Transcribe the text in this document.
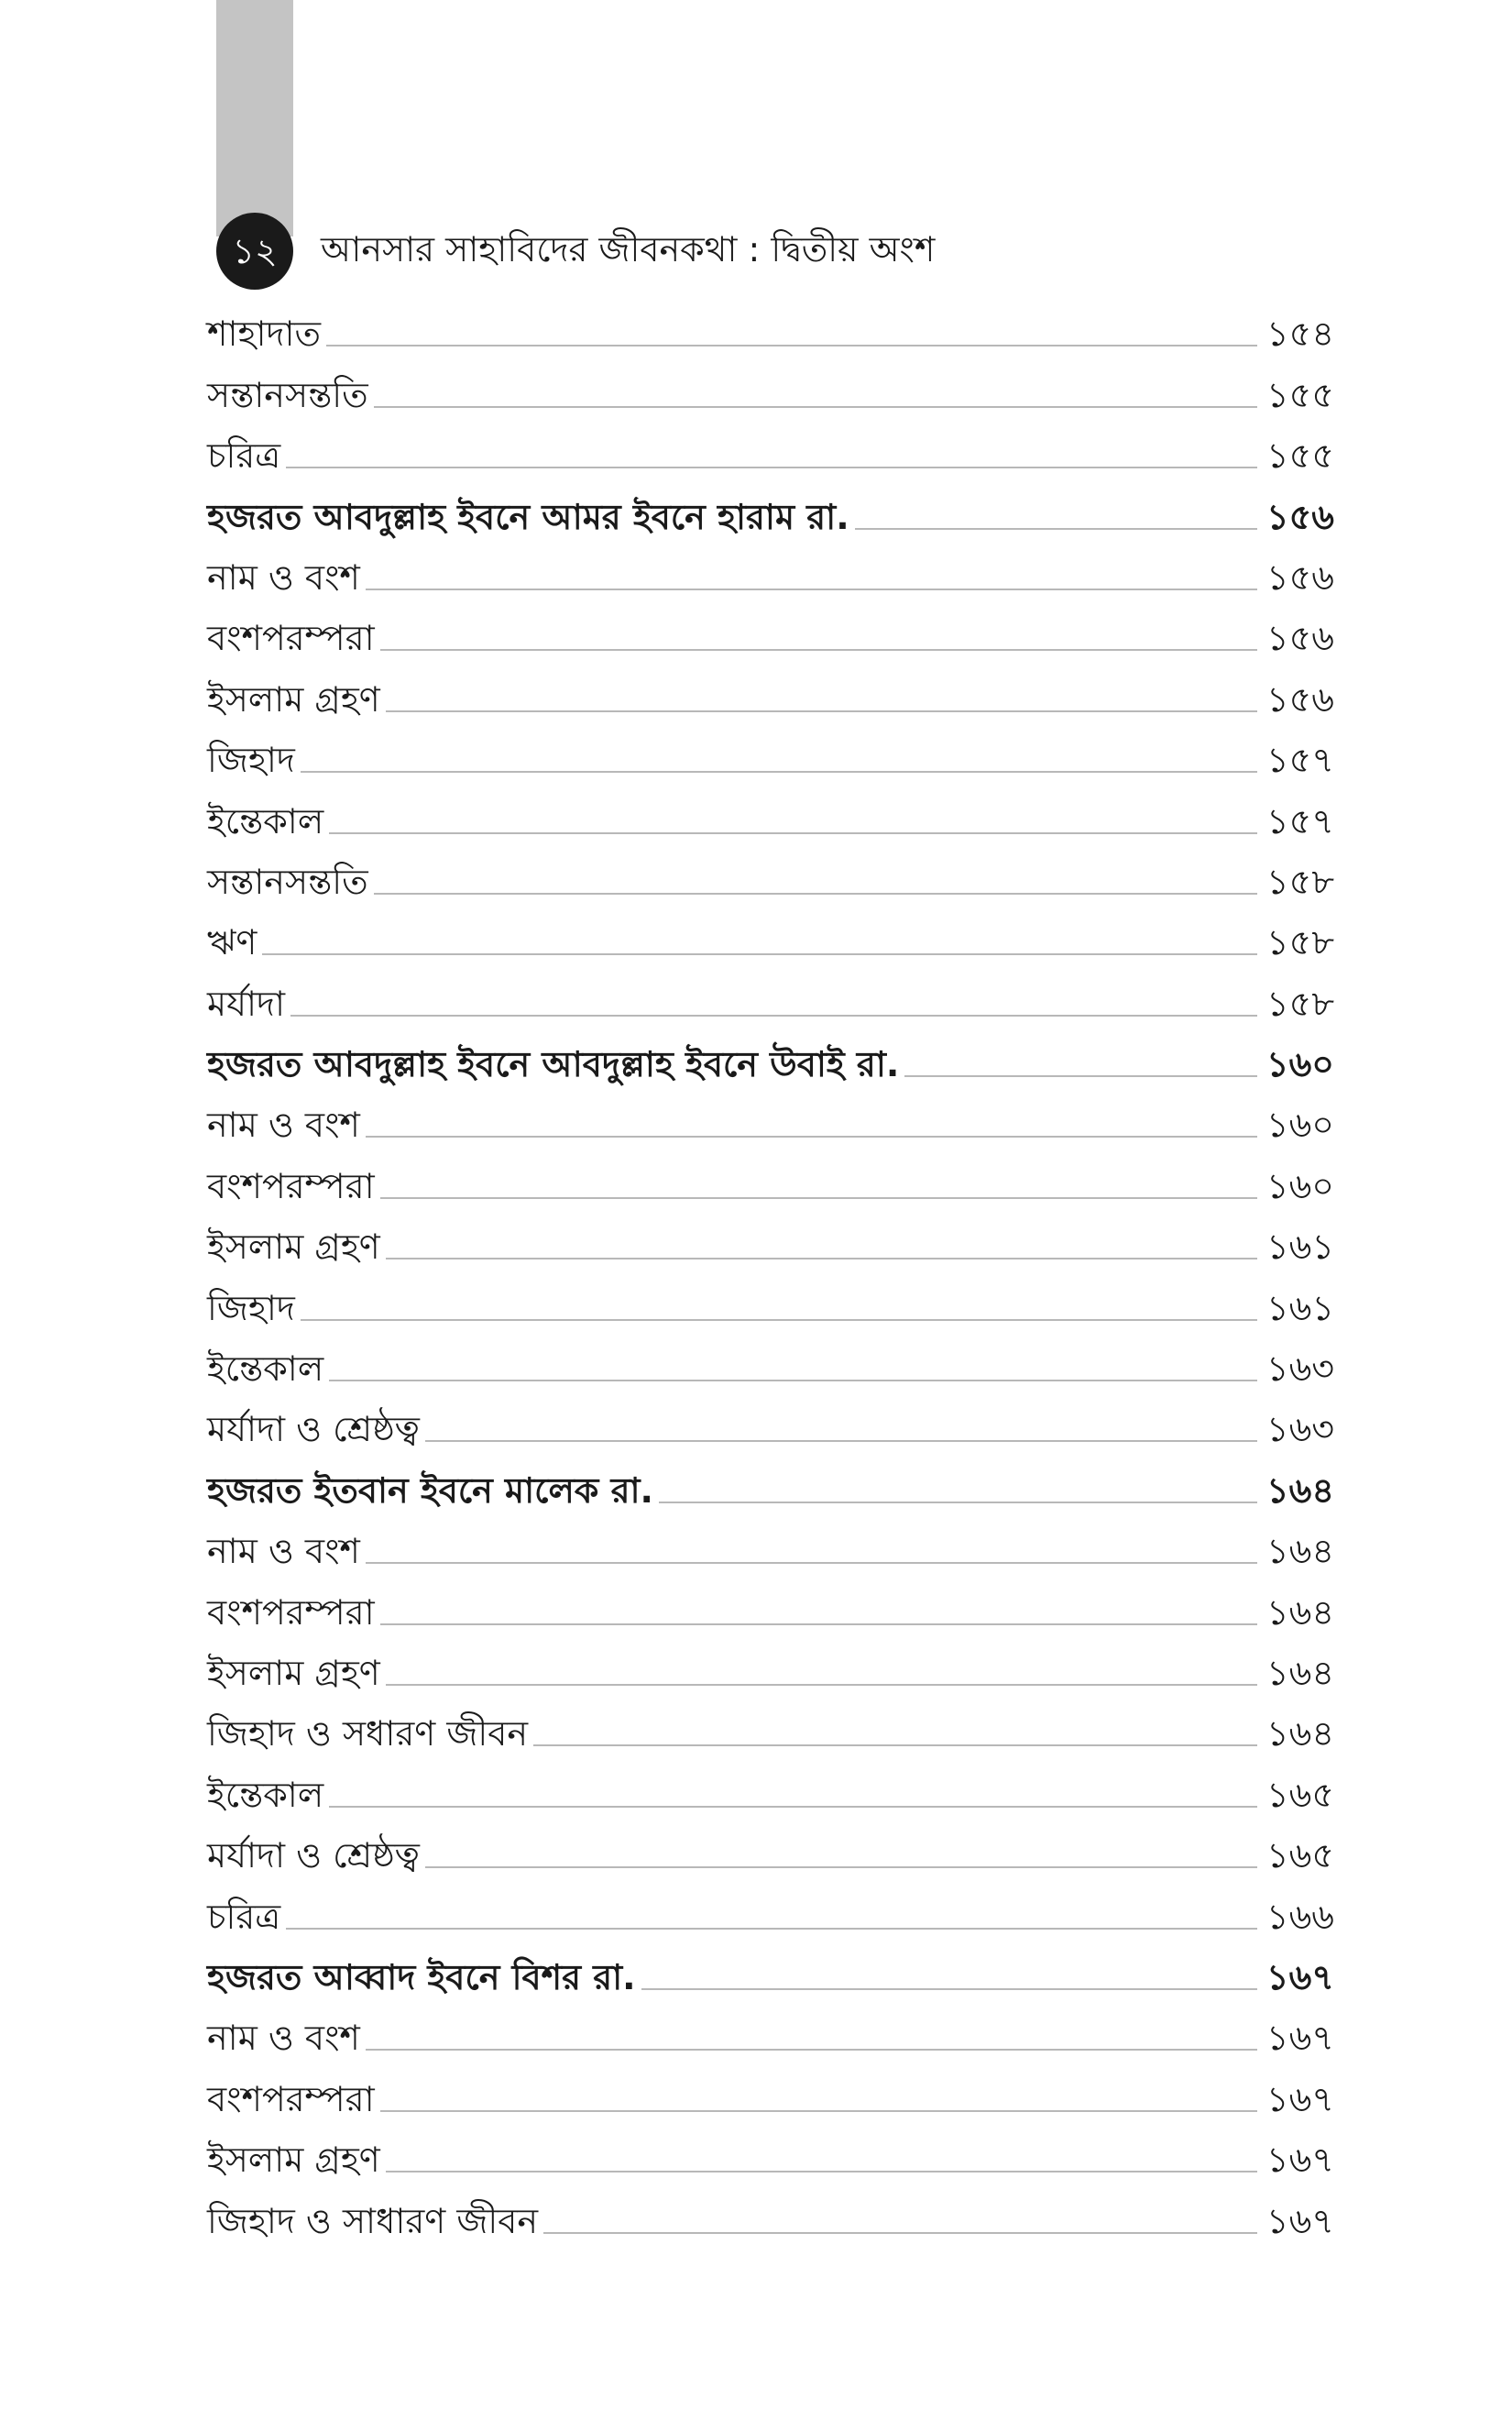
১২	আনসার সাহাবিদের জীবনকথা : দ্বিতীয় অংশ
শাহাদাত	১৫৪
সন্তানসন্ততি	১৫৫
চরিত্র	১৫৫
হজরত আবদুল্লাহ ইবনে আমর ইবনে হারাম রা.	১৫৬
নাম ও বংশ	১৫৬
বংশপরম্পরা	১৫৬
ইসলাম গ্রহণ	১৫৬
জিহাদ	১৫৭
ইন্তেকাল	১৫৭
সন্তানসন্ততি	১৫৮
ঋণ	১৫৮
মর্যাদা	১৫৮
হজরত আবদুল্লাহ ইবনে আবদুল্লাহ ইবনে উবাই রা.	১৬০
নাম ও বংশ	১৬০
বংশপরম্পরা	১৬০
ইসলাম গ্রহণ	১৬১
জিহাদ	১৬১
ইন্তেকাল	১৬৩
মর্যাদা ও শ্রেষ্ঠত্ব	১৬৩
হজরত ইতবান ইবনে মালেক রা.	১৬৪
নাম ও বংশ	১৬৪
বংশপরম্পরা	১৬৪
ইসলাম গ্রহণ	১৬৪
জিহাদ ও সধারণ জীবন	১৬৪
ইন্তেকাল	১৬৫
মর্যাদা ও শ্রেষ্ঠত্ব	১৬৫
চরিত্র	১৬৬
হজরত আব্বাদ ইবনে বিশর রা.	১৬৭
নাম ও বংশ	১৬৭
বংশপরম্পরা	১৬৭
ইসলাম গ্রহণ	১৬৭
জিহাদ ও সাধারণ জীবন	১৬৭
